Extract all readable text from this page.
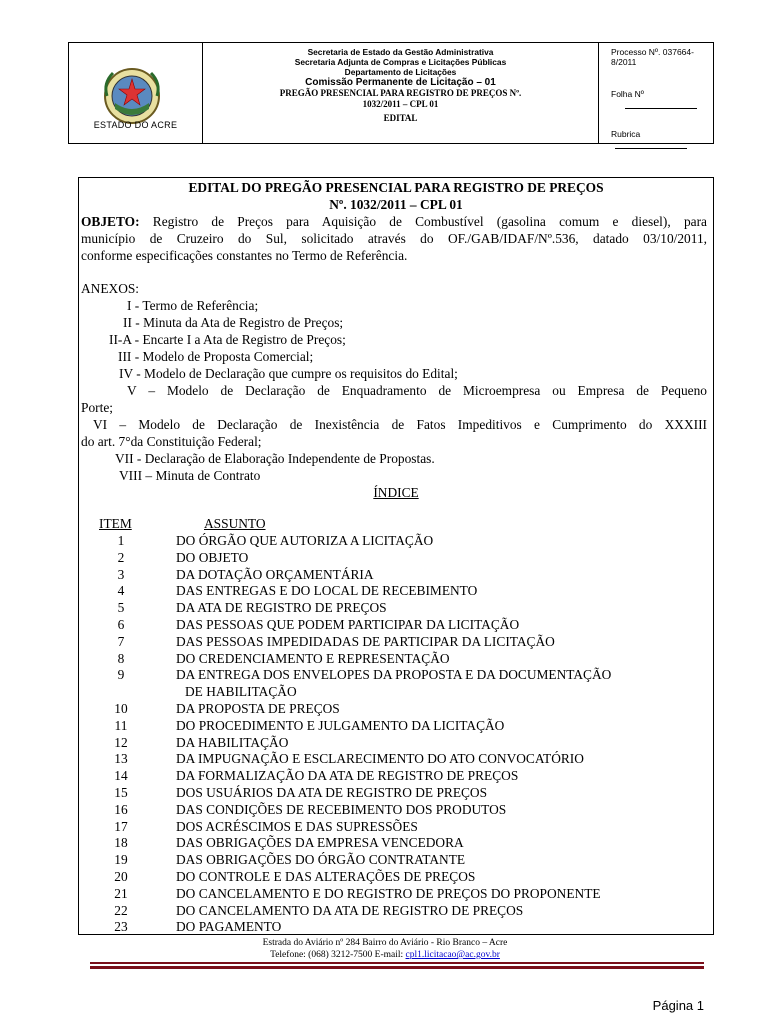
ESTADO DO ACRE
Secretaria de Estado da Gestão Administrativa
Secretaria Adjunta de Compras e Licitações Públicas
Departamento de Licitações
Comissão Permanente de Licitação – 01
PREGÃO PRESENCIAL PARA REGISTRO DE PREÇOS Nº.
1032/2011 – CPL 01
EDITAL
Processo Nº. 037664-8/2011
Folha Nº
Rubrica
EDITAL DO PREGÃO PRESENCIAL PARA REGISTRO DE PREÇOS
Nº. 1032/2011 – CPL 01
OBJETO: Registro de Preços para Aquisição de Combustível (gasolina comum e diesel), para
município de Cruzeiro do Sul, solicitado através do OF./GAB/IDAF/Nº.536, datado 03/10/2011,
conforme especificações constantes no Termo de Referência.
ANEXOS:
I - Termo de Referência;
II - Minuta da Ata de Registro de Preços;
II-A - Encarte I a Ata de Registro de Preços;
III - Modelo de Proposta Comercial;
IV - Modelo de Declaração que cumpre os requisitos do Edital;
V – Modelo de Declaração de Enquadramento de Microempresa ou Empresa de Pequeno
Porte;
VI – Modelo de Declaração de Inexistência de Fatos Impeditivos e Cumprimento do XXXIII
do art. 7°da Constituição Federal;
VII - Declaração de Elaboração Independente de Propostas.
VIII – Minuta de Contrato
ÍNDICE
ITEM	ASSUNTO
1	DO ÓRGÃO QUE AUTORIZA A LICITAÇÃO
2	DO OBJETO
3	DA DOTAÇÃO ORÇAMENTÁRIA
4	DAS ENTREGAS E DO LOCAL DE RECEBIMENTO
5	DA ATA DE REGISTRO DE PREÇOS
6	DAS PESSOAS QUE PODEM PARTICIPAR DA LICITAÇÃO
7	DAS PESSOAS IMPEDIDADAS DE PARTICIPAR DA LICITAÇÃO
8	DO CREDENCIAMENTO E REPRESENTAÇÃO
9	DA ENTREGA DOS ENVELOPES DA PROPOSTA E DA DOCUMENTAÇÃO
DE HABILITAÇÃO
10	DA PROPOSTA DE PREÇOS
11	DO PROCEDIMENTO E JULGAMENTO DA LICITAÇÃO
12	DA HABILITAÇÃO
13	DA IMPUGNAÇÃO E ESCLARECIMENTO DO ATO CONVOCATÓRIO
14	DA FORMALIZAÇÃO DA ATA DE REGISTRO DE PREÇOS
15	DOS USUÁRIOS DA ATA DE REGISTRO DE PREÇOS
16	DAS CONDIÇÕES DE RECEBIMENTO DOS PRODUTOS
17	DOS ACRÉSCIMOS E DAS SUPRESSÕES
18	DAS OBRIGAÇÕES DA EMPRESA VENCEDORA
19	DAS OBRIGAÇÕES DO ÓRGÃO CONTRATANTE
20	DO CONTROLE E DAS ALTERAÇÕES DE PREÇOS
21	DO CANCELAMENTO E DO REGISTRO DE PREÇOS DO PROPONENTE
22	DO CANCELAMENTO DA ATA DE REGISTRO DE PREÇOS
23	DO PAGAMENTO
Estrada do Aviário nº 284 Bairro do Aviário - Rio Branco – Acre
Telefone: (068) 3212-7500 E-mail: cpl1.licitacao@ac.gov.br
Página 1
